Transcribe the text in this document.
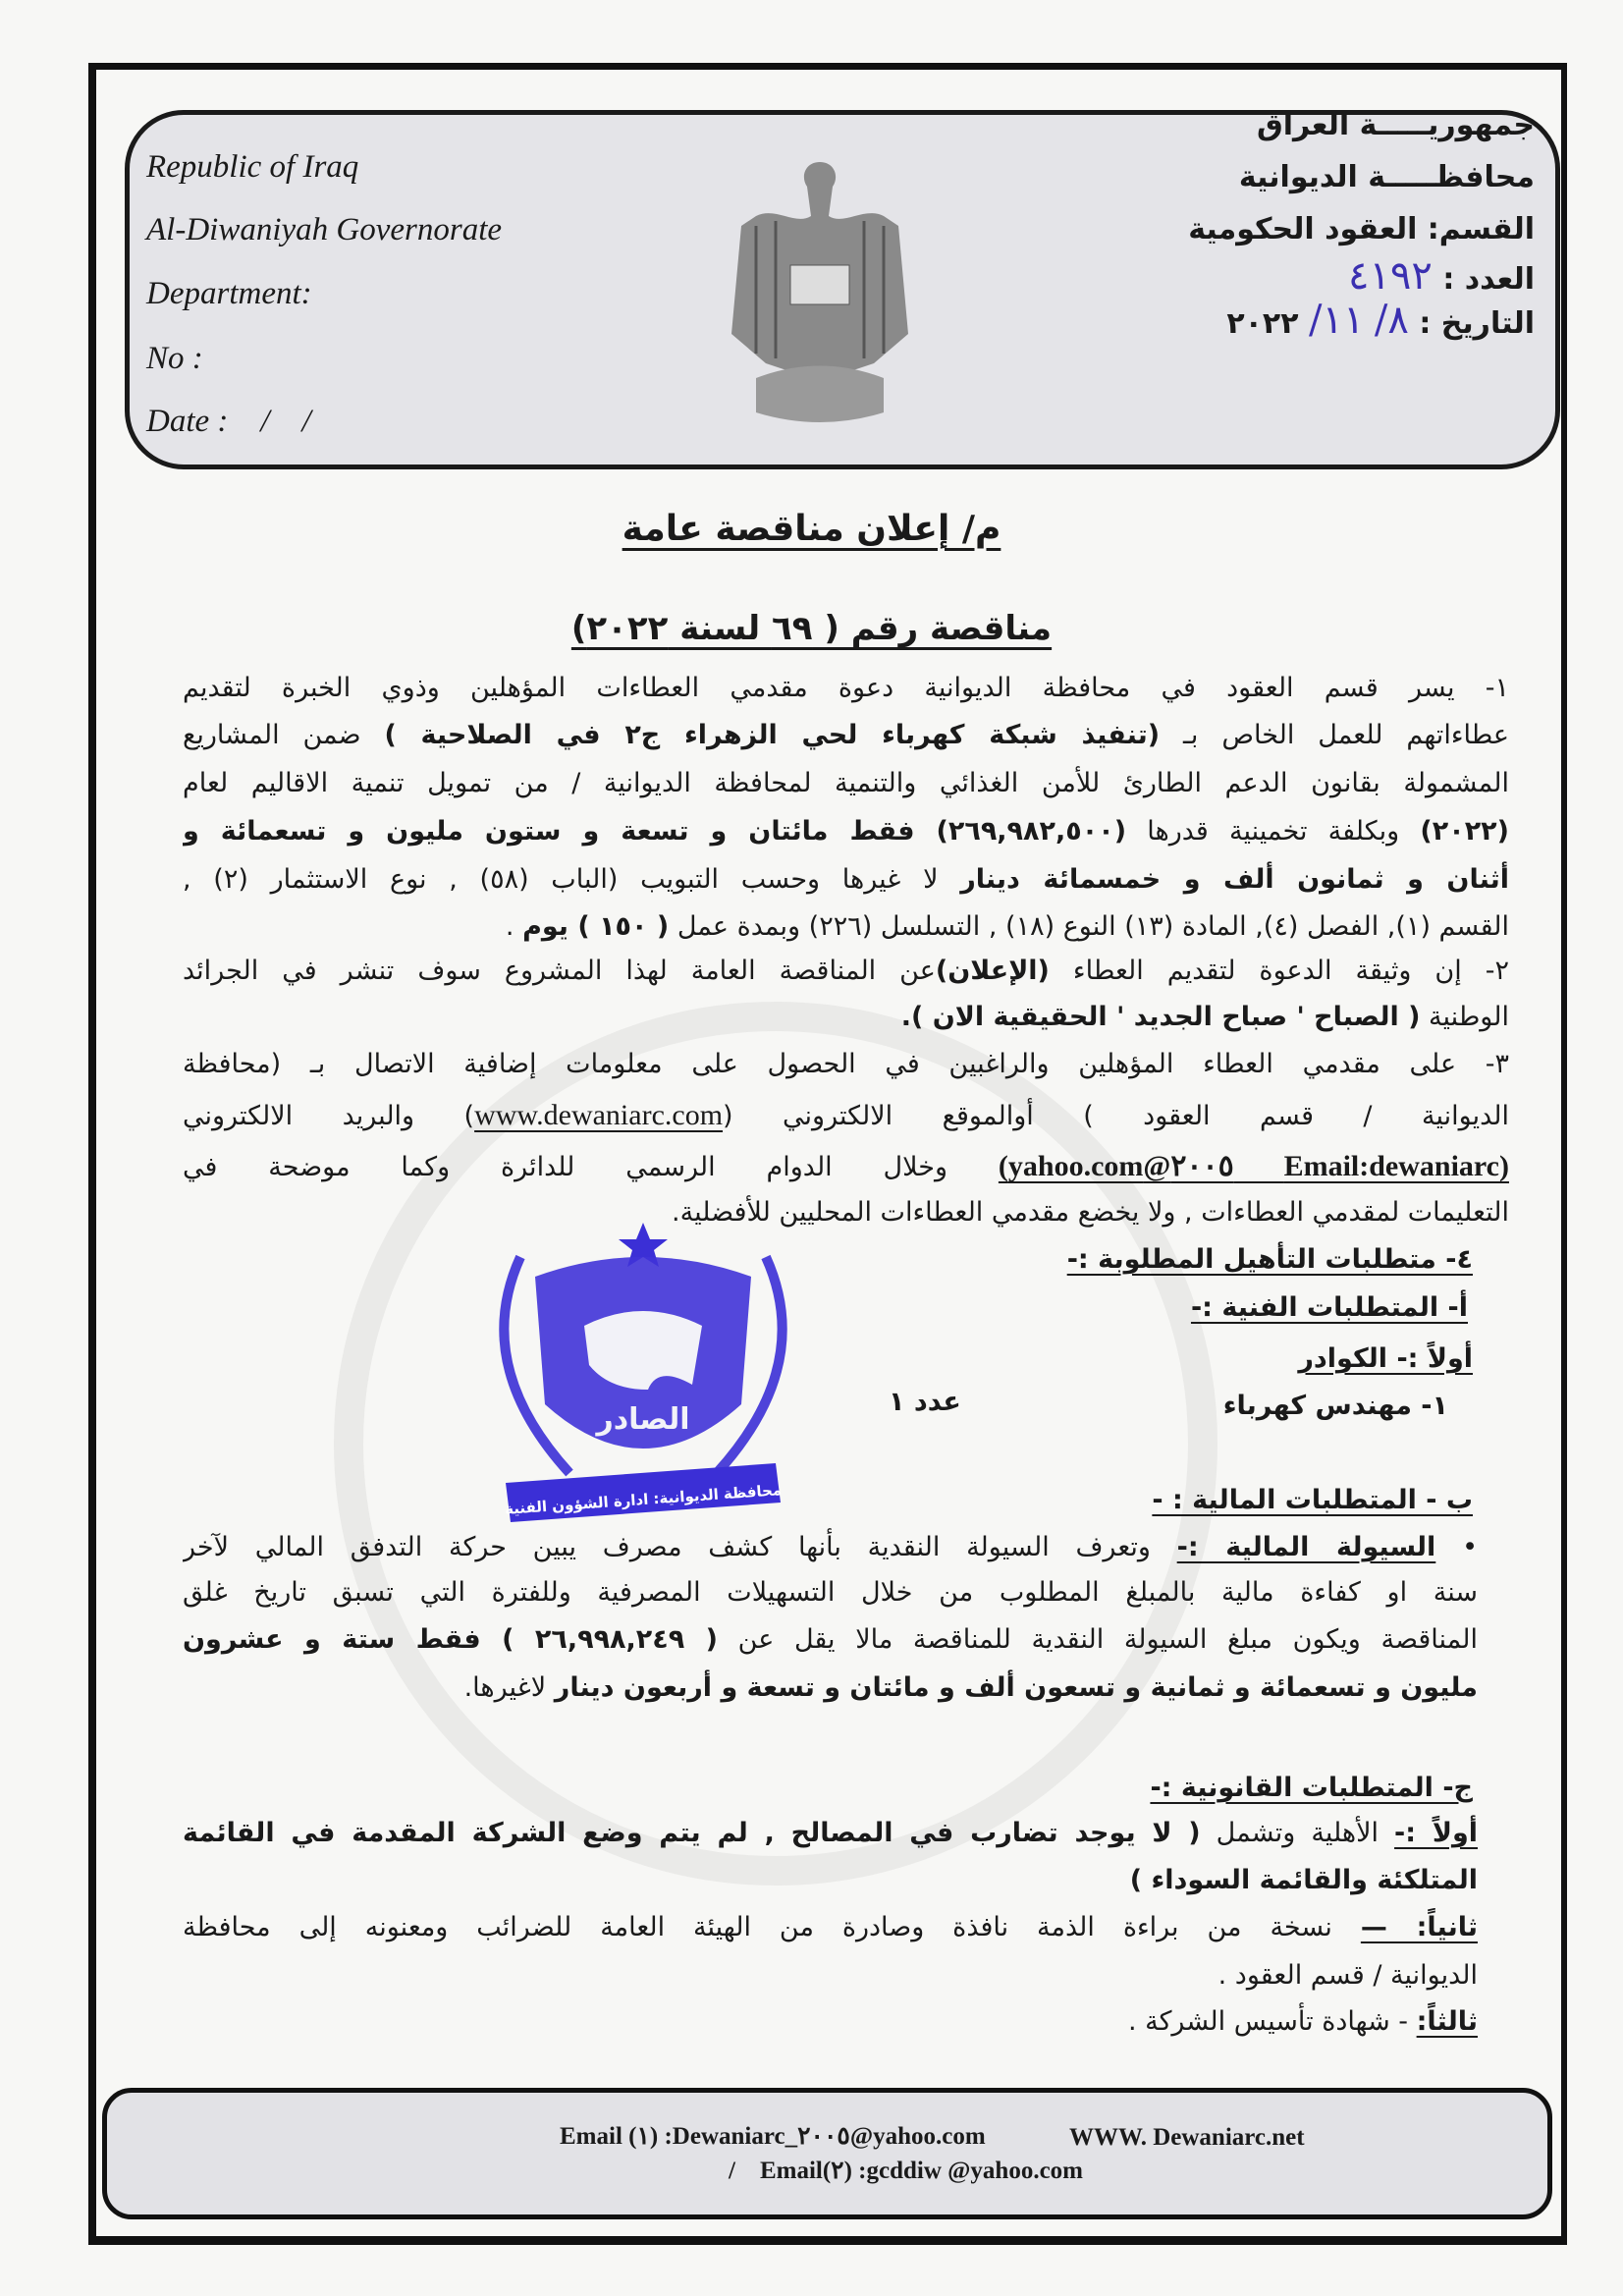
جمهوريـــــة العراق
محافظـــــة الديوانية
القسم: العقود الحكومية
العدد : ٤١٩٢
التاريخ : ٨/ ١١/ ٢٠٢٢
Republic of Iraq
Al-Diwaniyah Governorate
Department:
No :
Date :    /    /
م/ إعلان مناقصة عامة
مناقصة رقم ( ٦٩ لسنة ٢٠٢٢)
١- يسر قسم العقود في محافظة الديوانية دعوة مقدمي العطاءات المؤهلين وذوي الخبرة لتقديم
عطاءاتهم للعمل الخاص بـ (تنفيذ شبكة كهرباء لحي الزهراء ج٢ في الصلاحية ) ضمن المشاريع
المشمولة بقانون الدعم الطارئ للأمن الغذائي والتنمية لمحافظة الديوانية / من تمويل تنمية الاقاليم لعام
(٢٠٢٢) وبكلفة تخمينية قدرها (٢٦٩,٩٨٢,٥٠٠) فقط مائتان و تسعة و ستون مليون و تسعمائة و
أثنان و ثمانون ألف و خمسمائة دينار لا غيرها وحسب التبويب (الباب (٥٨) , نوع الاستثمار (٢) ,
القسم (١), الفصل (٤), المادة (١٣) النوع (١٨) , التسلسل (٢٢٦) وبمدة عمل ( ١٥٠ ) يوم .
٢- إن وثيقة الدعوة لتقديم العطاء (الإعلان)عن المناقصة العامة لهذا المشروع سوف تنشر في الجرائد
الوطنية ( الصباح ' صباح الجديد ' الحقيقية الان ).
٣- على مقدمي العطاء المؤهلين والراغبين في الحصول على معلومات إضافية الاتصال بـ (محافظة
الديوانية / قسم العقود ) أوالموقع الالكتروني (www.dewaniarc.com) والبريد الالكتروني
(Email:dewaniarc ٢٠٠٥@yahoo.com) وخلال الدوام الرسمي للدائرة وكما موضحة في
التعليمات لمقدمي العطاءات , ولا يخضع مقدمي العطاءات المحليين للأفضلية.
٤- متطلبات التأهيل المطلوبة :-
أ- المتطلبات الفنية :-
أولاً :- الكوادر
١- مهندس كهرباء
ب - المتطلبات المالية : -
• السيولة المالية :- وتعرف السيولة النقدية بأنها كشف مصرف يبين حركة التدفق المالي لآخر
سنة او كفاءة مالية بالمبلغ المطلوب من خلال التسهيلات المصرفية وللفترة التي تسبق تاريخ غلق
المناقصة ويكون مبلغ السيولة النقدية للمناقصة مالا يقل عن ( ٢٦,٩٩٨,٢٤٩ ) فقط ستة و عشرون
مليون و تسعمائة و ثمانية و تسعون ألف و مائتان و تسعة و أربعون دينار لاغيرها.
ج- المتطلبات القانونية :-
أولاً :- الأهلية وتشمل ( لا يوجد تضارب في المصالح , لم يتم وضع الشركة المقدمة في القائمة
المتلكئة والقائمة السوداء )
ثانياً: — نسخة من براءة الذمة نافذة وصادرة من الهيئة العامة للضرائب ومعنونه إلى محافظة
الديوانية / قسم العقود .
ثالثاً: - شهادة تأسيس الشركة .
عدد ١
الصادر
محافظة الديوانية: ادارة الشؤون الفنية
Email (١) :Dewaniarc_٢٠٠٥@yahoo.com	WWW. Dewaniarc.net
/    Email(٢) :gcddiw @yahoo.com
